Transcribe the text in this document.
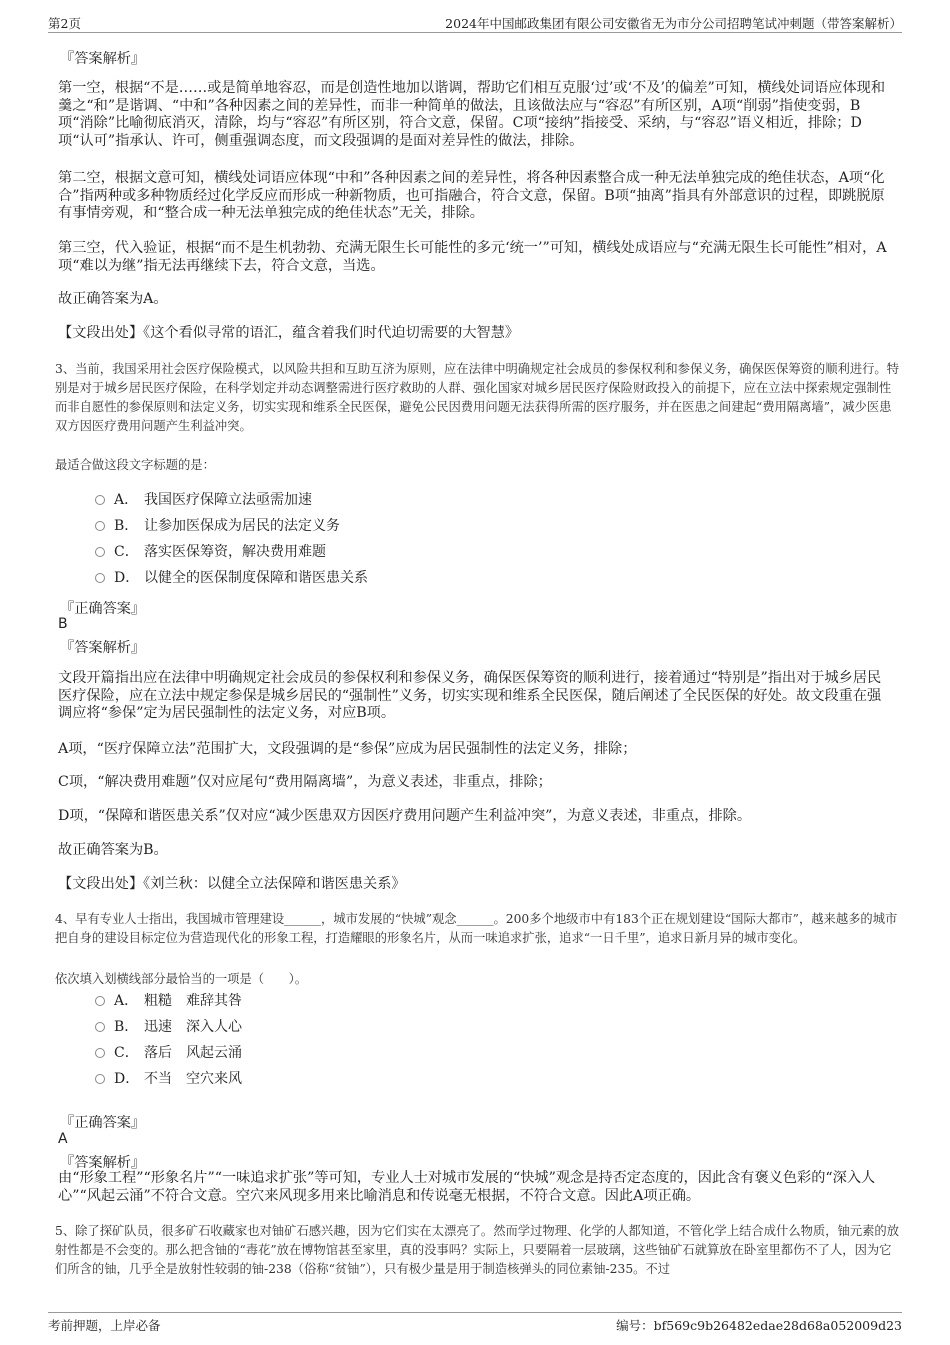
第2页	2024年中国邮政集团有限公司安徽省无为市分公司招聘笔试冲刺题（带答案解析）
『答案解析』

第一空，根据“不是……或是简单地容忍，而是创造性地加以谐调，帮助它们相互克服‘过’或‘不及’的偏差”可知，横线处词语应体现和羹之“和”是谐调、“中和”各种因素之间的差异性，而非一种简单的做法，且该做法应与“容忍”有所区别，A项“削弱”指使变弱，B项“消除”比喻彻底消灭，清除，均与“容忍”有所区别，符合文意，保留。C项“接纳”指接受、采纳，与“容忍”语义相近，排除；D项“认可”指承认、许可，侧重强调态度，而文段强调的是面对差异性的做法，排除。

第二空，根据文意可知，横线处词语应体现“中和”各种因素之间的差异性，将各种因素整合成一种无法单独完成的绝佳状态，A项“化合”指两种或多种物质经过化学反应而形成一种新物质，也可指融合，符合文意，保留。B项“抽离”指具有外部意识的过程，即跳脱原有事情旁观，和“整合成一种无法单独完成的绝佳状态”无关，排除。

第三空，代入验证，根据“而不是生机勃勃、充满无限生长可能性的多元‘统一’”可知，横线处成语应与“充满无限生长可能性”相对，A项“难以为继”指无法再继续下去，符合文意，当选。

故正确答案为A。

【文段出处】《这个看似寻常的语汇，蕴含着我们时代迫切需要的大智慧》

3、当前，我国采用社会医疗保险模式，以风险共担和互助互济为原则，应在法律中明确规定社会成员的参保权利和参保义务，确保医保筹资的顺利进行。特别是对于城乡居民医疗保险，在科学划定并动态调整需进行医疗救助的人群、强化国家对城乡居民医疗保险财政投入的前提下，应在立法中探索规定强制性而非自愿性的参保原则和法定义务，切实实现和维系全民医保，避免公民因费用问题无法获得所需的医疗服务，并在医患之间建起“费用隔离墙”，减少医患双方因医疗费用问题产生利益冲突。

最适合做这段文字标题的是：

A． 我国医疗保障立法亟需加速
B． 让参加医保成为居民的法定义务
C． 落实医保筹资，解决费用难题
D． 以健全的医保制度保障和谐医患关系
『正确答案』
B
『答案解析』

文段开篇指出应在法律中明确规定社会成员的参保权利和参保义务，确保医保筹资的顺利进行，接着通过“特别是”指出对于城乡居民医疗保险，应在立法中规定参保是城乡居民的“强制性”义务，切实实现和维系全民医保，随后阐述了全民医保的好处。故文段重在强调应将“参保”定为居民强制性的法定义务，对应B项。

A项，“医疗保障立法”范围扩大，文段强调的是“参保”应成为居民强制性的法定义务，排除；

C项，“解决费用难题”仅对应尾句“费用隔离墙”，为意义表述，非重点，排除；

D项，“保障和谐医患关系”仅对应“减少医患双方因医疗费用问题产生利益冲突”，为意义表述，非重点，排除。

故正确答案为B。

【文段出处】《刘兰秋：以健全立法保障和谐医患关系》

4、早有专业人士指出，我国城市管理建设______，城市发展的“快城”观念______。200多个地级市中有183个正在规划建设“国际大都市”，越来越多的城市把自身的建设目标定位为营造现代化的形象工程，打造耀眼的形象名片，从而一味追求扩张，追求“一日千里”，追求日新月异的城市变化。

依次填入划横线部分最恰当的一项是（　　）。

A． 粗糙　难辞其咎
B． 迅速　深入人心
C． 落后　风起云涌
D． 不当　空穴来风
『正确答案』
A
『答案解析』

由“形象工程”“形象名片”“一味追求扩张”等可知，专业人士对城市发展的“快城”观念是持否定态度的，因此含有褒义色彩的“深入人心”“风起云涌”不符合文意。空穴来风现多用来比喻消息和传说毫无根据，不符合文意。因此A项正确。

5、除了探矿队员，很多矿石收藏家也对铀矿石感兴趣，因为它们实在太漂亮了。然而学过物理、化学的人都知道，不管化学上结合成什么物质，铀元素的放射性都是不会变的。那么把含铀的“毒花”放在博物馆甚至家里，真的没事吗？实际上，只要隔着一层玻璃，这些铀矿石就算放在卧室里都伤不了人，因为它们所含的铀，几乎全是放射性较弱的铀-238（俗称“贫铀”），只有极少量是用于制造核弹头的同位素铀-235。不过

考前押题，上岸必备	编号：bf569c9b26482edae28d68a052009d23
